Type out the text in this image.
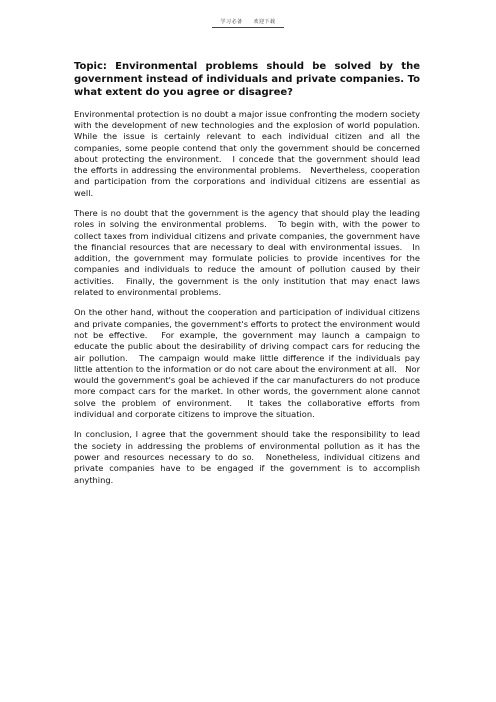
学习必备　　欢迎下载

Topic: Environmental problems should be solved by the government instead of individuals and private companies. To what extent do you agree or disagree?

Environmental protection is no doubt a major issue confronting the modern society with the development of new technologies and the explosion of world population.　While the issue is certainly relevant to each individual citizen and all the companies, some people contend that only the government should be concerned about protecting the environment.　I concede that the government should lead the efforts in addressing the environmental problems.　Nevertheless, cooperation and participation from the corporations and individual citizens are essential as well.

There is no doubt that the government is the agency that should play the leading roles in solving the environmental problems.　To begin with, with the power to collect taxes from individual citizens and private companies, the government have the financial resources that are necessary to deal with environmental issues.　In addition, the government may formulate policies to provide incentives for the companies and individuals to reduce the amount of pollution caused by their activities.　Finally, the government is the only institution that may enact laws related to environmental problems.

On the other hand, without the cooperation and participation of individual citizens and private companies, the government's efforts to protect the environment would not be effective.　For example, the government may launch a campaign to educate the public about the desirability of driving compact cars for reducing the air pollution.　The campaign would make little difference if the individuals pay little attention to the information or do not care about the environment at all.　Nor would the government's goal be achieved if the car manufacturers do not produce more compact cars for the market. In other words, the government alone cannot solve the problem of environment.　It takes the collaborative efforts from individual and corporate citizens to improve the situation.

In conclusion, I agree that the government should take the responsibility to lead the society in addressing the problems of environmental pollution as it has the power and resources necessary to do so.　Nonetheless, individual citizens and private companies have to be engaged if the government is to accomplish anything.
